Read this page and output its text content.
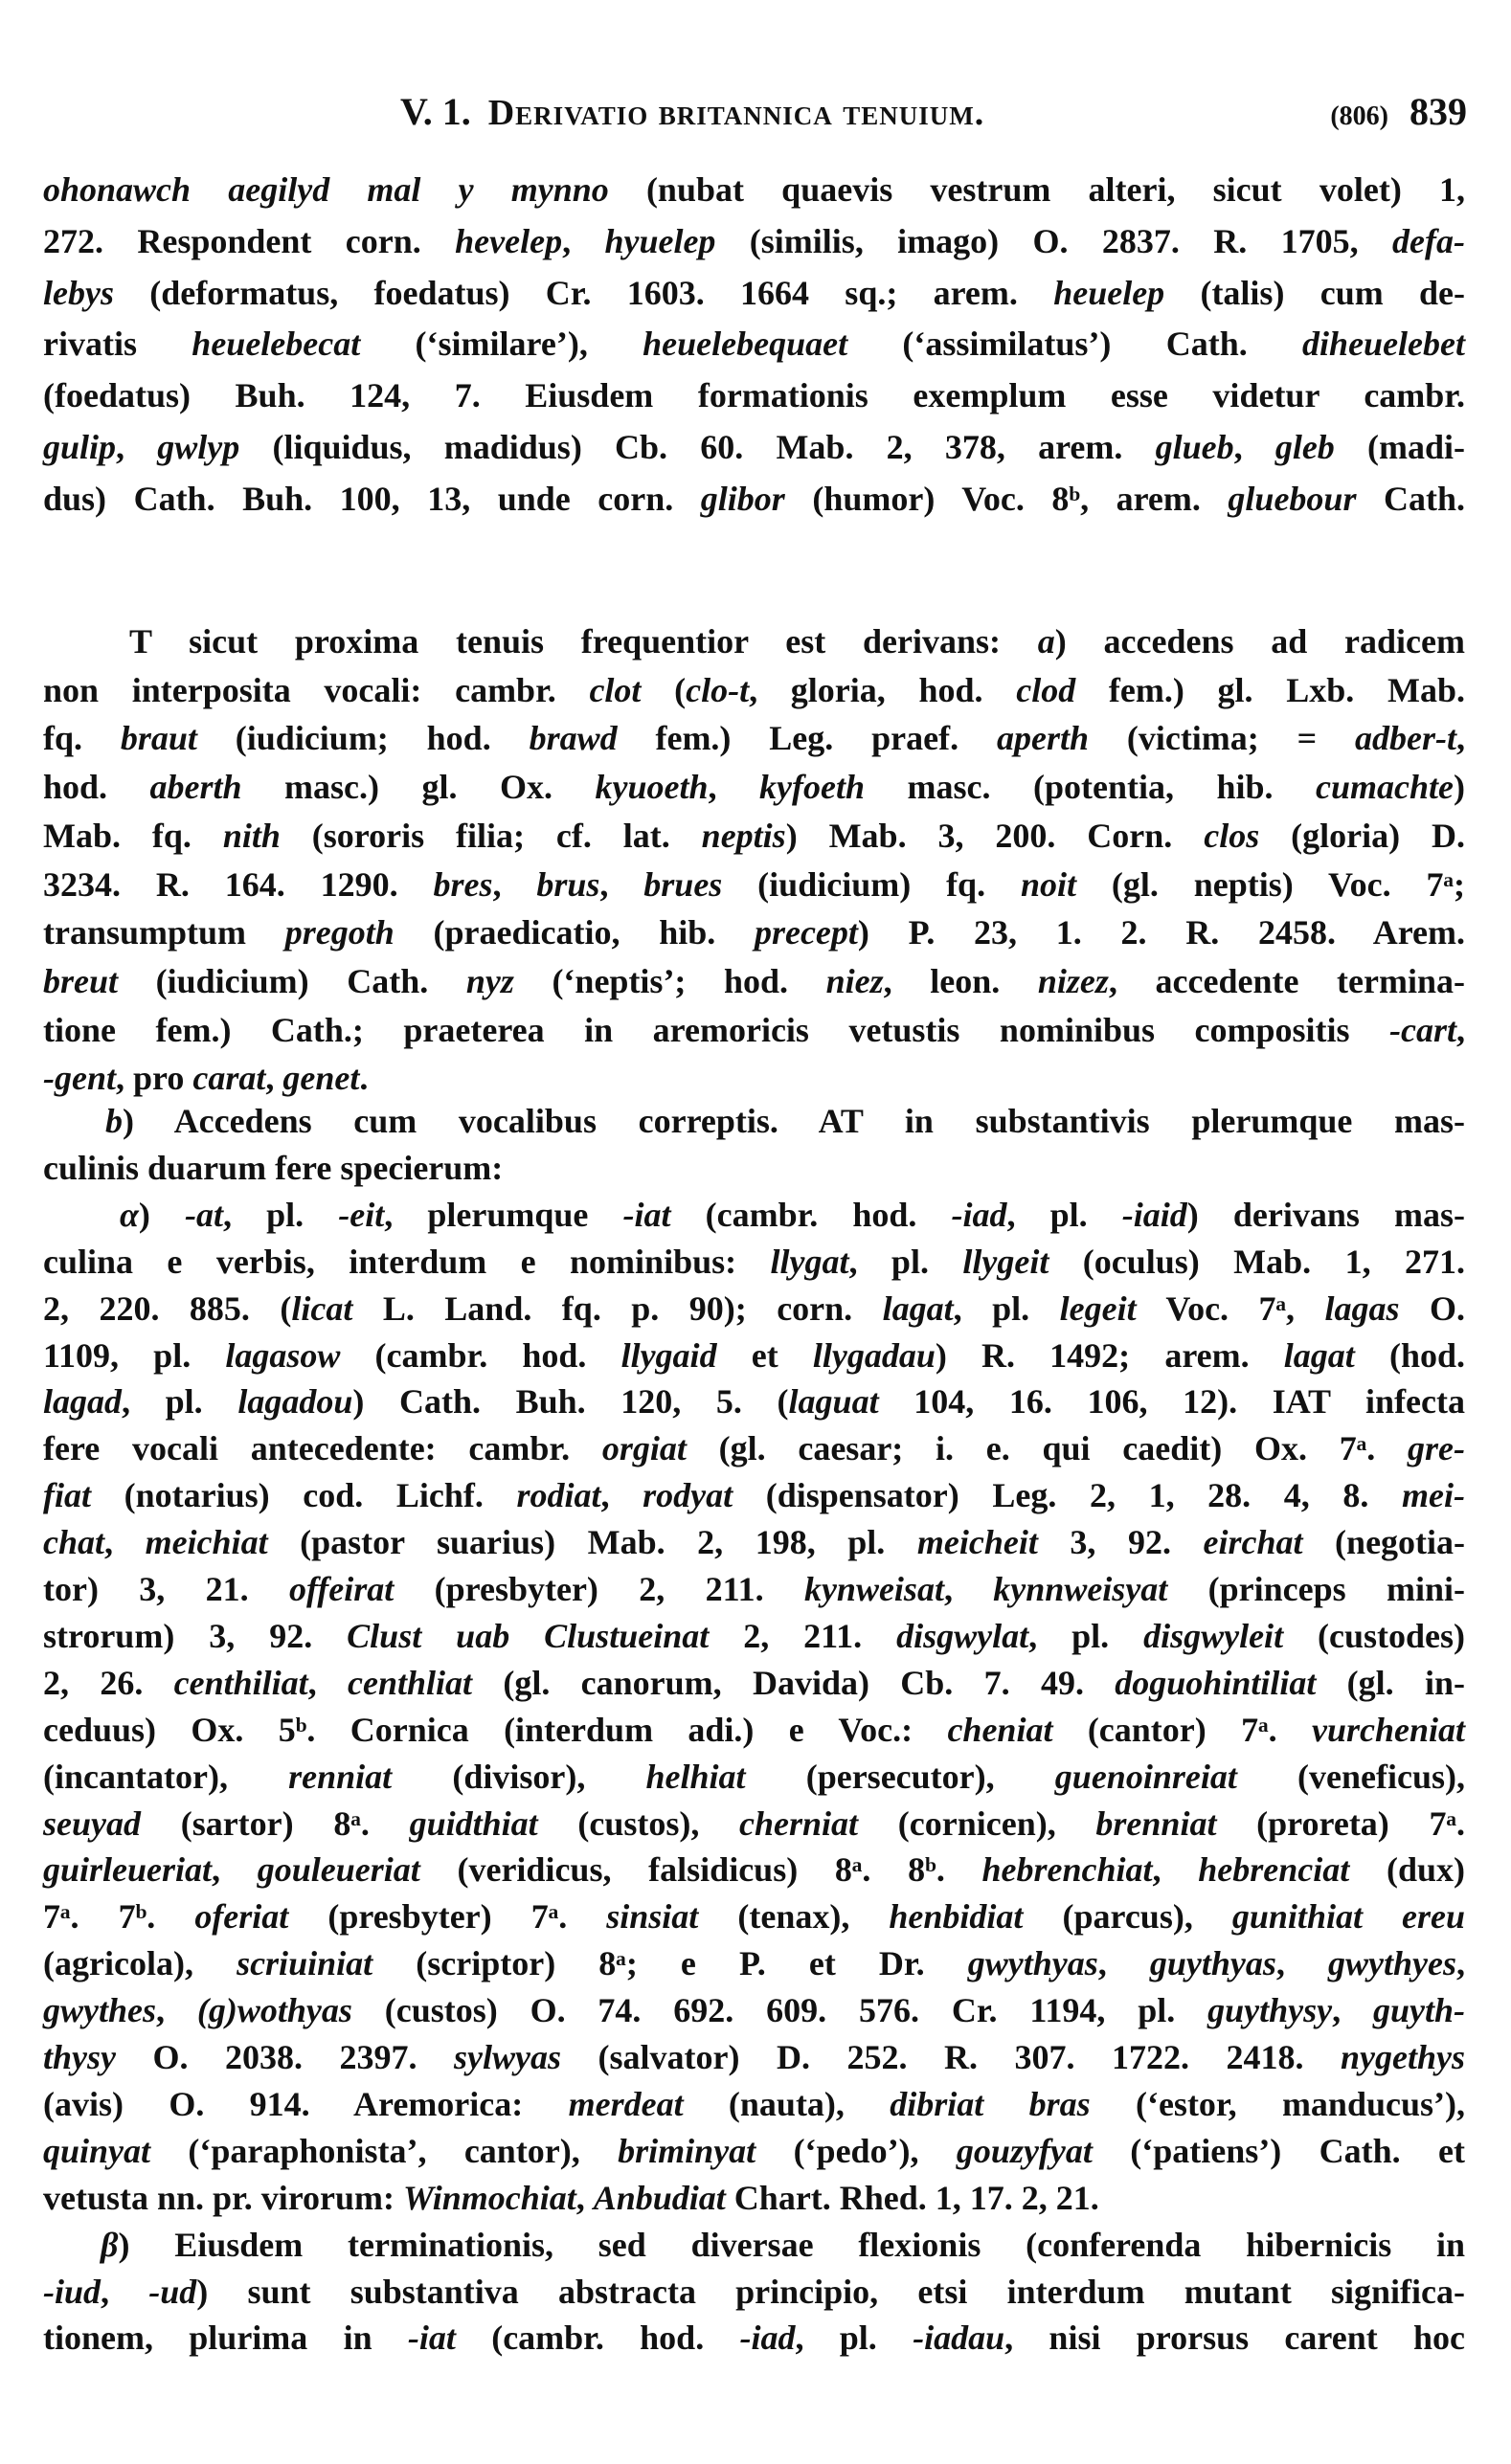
V. 1. Derivatio britannica tenuium.	(806) 839
ohonawch aegilyd mal y mynno (nubat quaevis vestrum alteri, sicut volet) 1,
272. Respondent corn. hevelep, hyuelep (similis, imago) O. 2837. R. 1705, defa-
lebys (deformatus, foedatus) Cr. 1603. 1664 sq.; arem. heuelep (talis) cum de-
rivatis heuelebecat (‘similare’), heuelebequaet (‘assimilatus’) Cath. diheuelebet
(foedatus) Buh. 124, 7. Eiusdem formationis exemplum esse videtur cambr.
gulip, gwlyp (liquidus, madidus) Cb. 60. Mab. 2, 378, arem. glueb, gleb (madi-
dus) Cath. Buh. 100, 13, unde corn. glibor (humor) Voc. 8ᵇ, arem. gluebour Cath.
T sicut proxima tenuis frequentior est derivans: a) accedens ad radicem
non interposita vocali: cambr. clot (clo-t, gloria, hod. clod fem.) gl. Lxb. Mab.
fq. braut (iudicium; hod. brawd fem.) Leg. praef. aperth (victima; = adber-t,
hod. aberth masc.) gl. Ox. kyuoeth, kyfoeth masc. (potentia, hib. cumachte)
Mab. fq. nith (sororis filia; cf. lat. neptis) Mab. 3, 200. Corn. clos (gloria) D.
3234. R. 164. 1290. bres, brus, brues (iudicium) fq. noit (gl. neptis) Voc. 7ᵃ;
transumptum pregoth (praedicatio, hib. precept) P. 23, 1. 2. R. 2458. Arem.
breut (iudicium) Cath. nyz (‘neptis’; hod. niez, leon. nizez, accedente termina-
tione fem.) Cath.; praeterea in aremoricis vetustis nominibus compositis -cart,
-gent, pro carat, genet.
b) Accedens cum vocalibus correptis. AT in substantivis plerumque mas-
culinis duarum fere specierum:
α) -at, pl. -eit, plerumque -iat (cambr. hod. -iad, pl. -iaid) derivans mas-
culina e verbis, interdum e nominibus: llygat, pl. llygeit (oculus) Mab. 1, 271.
2, 220. 885. (licat L. Land. fq. p. 90); corn. lagat, pl. legeit Voc. 7ᵃ, lagas O.
1109, pl. lagasow (cambr. hod. llygaid et llygadau) R. 1492; arem. lagat (hod.
lagad, pl. lagadou) Cath. Buh. 120, 5. (laguat 104, 16. 106, 12). IAT infecta
fere vocali antecedente: cambr. orgiat (gl. caesar; i. e. qui caedit) Ox. 7ᵃ. gre-
fiat (notarius) cod. Lichf. rodiat, rodyat (dispensator) Leg. 2, 1, 28. 4, 8. mei-
chat, meichiat (pastor suarius) Mab. 2, 198, pl. meicheit 3, 92. eirchat (negotia-
tor) 3, 21. offeirat (presbyter) 2, 211. kynweisat, kynnweisyat (princeps mini-
strorum) 3, 92. Clust uab Clustueinat 2, 211. disgwylat, pl. disgwyleit (custodes)
2, 26. centhiliat, centhliat (gl. canorum, Davida) Cb. 7. 49. doguohintiliat (gl. in-
ceduus) Ox. 5ᵇ. Cornica (interdum adi.) e Voc.: cheniat (cantor) 7ᵃ. vurcheniat
(incantator), renniat (divisor), helhiat (persecutor), guenoinreiat (veneficus),
seuyad (sartor) 8ᵃ. guidthiat (custos), cherniat (cornicen), brenniat (proreta) 7ᵃ.
guirleueriat, gouleueriat (veridicus, falsidicus) 8ᵃ. 8ᵇ. hebrenchiat, hebrenciat (dux)
7ᵃ. 7ᵇ. oferiat (presbyter) 7ᵃ. sinsiat (tenax), henbidiat (parcus), gunithiat ereu
(agricola), scriuiniat (scriptor) 8ᵃ; e P. et Dr. gwythyas, guythyas, gwythyes,
gwythes, (g)wothyas (custos) O. 74. 692. 609. 576. Cr. 1194, pl. guythysy, guyth-
thysy O. 2038. 2397. sylwyas (salvator) D. 252. R. 307. 1722. 2418. nygethys
(avis) O. 914. Aremorica: merdeat (nauta), dibriat bras (‘estor, manducus’),
quinyat (‘paraphonista’, cantor), briminyat (‘pedo’), gouzyfyat (‘patiens’) Cath. et
vetusta nn. pr. virorum: Winmochiat, Anbudiat Chart. Rhed. 1, 17. 2, 21.
β) Eiusdem terminationis, sed diversae flexionis (conferenda hibernicis in
-iud, -ud) sunt substantiva abstracta principio, etsi interdum mutant significa-
tionem, plurima in -iat (cambr. hod. -iad, pl. -iadau, nisi prorsus carent hoc
